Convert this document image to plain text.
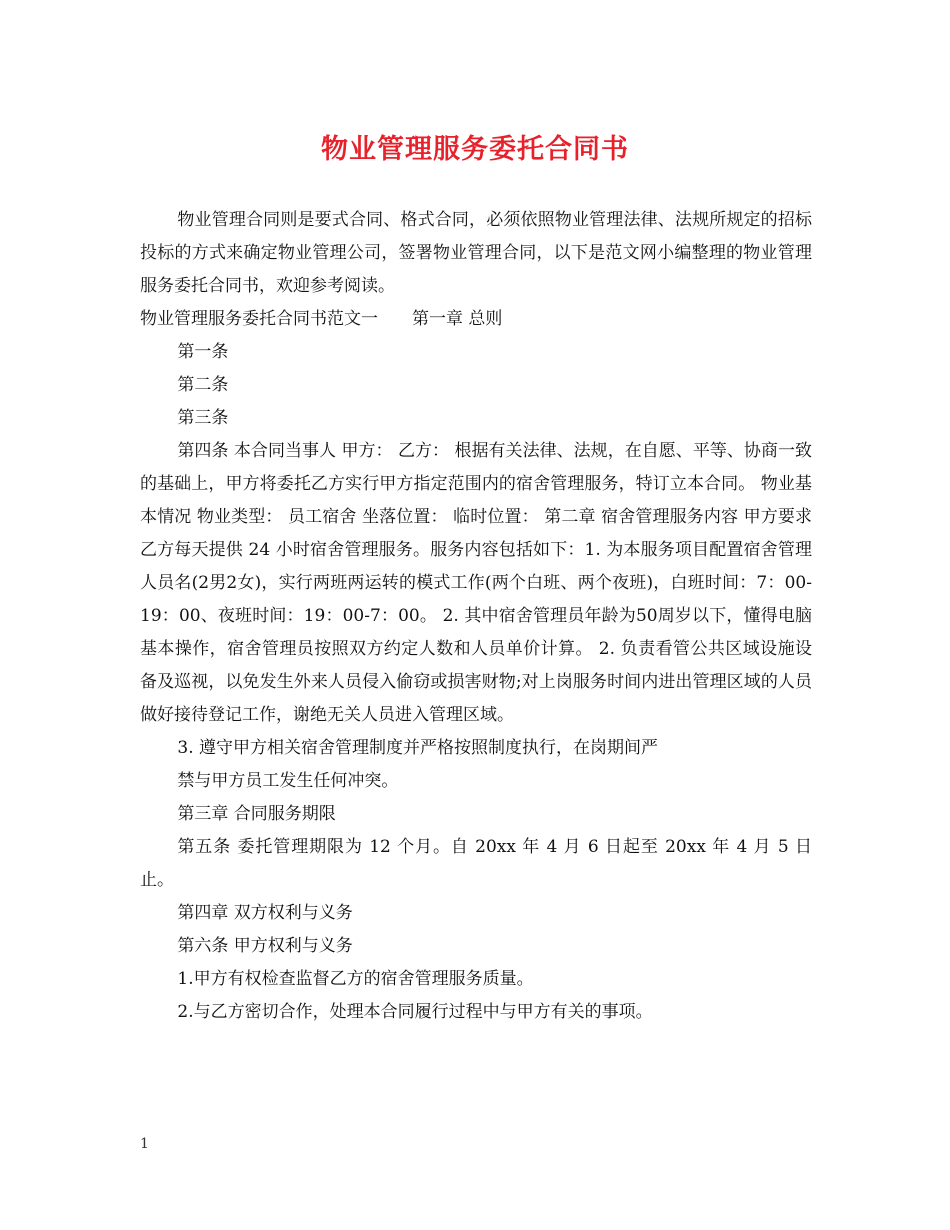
物业管理服务委托合同书

物业管理合同则是要式合同、格式合同，必须依照物业管理法律、法规所规定的招标投标的方式来确定物业管理公司，签署物业管理合同，以下是范文网小编整理的物业管理服务委托合同书，欢迎参考阅读。

物业管理服务委托合同书范文一　　第一章 总则

第一条

第二条

第三条

第四条 本合同当事人 甲方： 乙方： 根据有关法律、法规，在自愿、平等、协商一致的基础上，甲方将委托乙方实行甲方指定范围内的宿舍管理服务，特订立本合同。 物业基本情况 物业类型： 员工宿舍 坐落位置： 临时位置： 第二章 宿舍管理服务内容 甲方要求乙方每天提供 24 小时宿舍管理服务。服务内容包括如下：1. 为本服务项目配置宿舍管理人员名(2男2女)，实行两班两运转的模式工作(两个白班、两个夜班)，白班时间：7：00-19：00、夜班时间：19：00-7：00。 2. 其中宿舍管理员年龄为50周岁以下，懂得电脑基本操作，宿舍管理员按照双方约定人数和人员单价计算。 2. 负责看管公共区域设施设备及巡视，以免发生外来人员侵入偷窃或损害财物;对上岗服务时间内进出管理区域的人员做好接待登记工作，谢绝无关人员进入管理区域。

3. 遵守甲方相关宿舍管理制度并严格按照制度执行，在岗期间严

禁与甲方员工发生任何冲突。

第三章 合同服务期限

第五条 委托管理期限为 12 个月。自 20xx 年 4 月 6 日起至 20xx 年 4 月 5 日止。

第四章 双方权利与义务

第六条 甲方权利与义务

1.甲方有权检查监督乙方的宿舍管理服务质量。

2.与乙方密切合作，处理本合同履行过程中与甲方有关的事项。

1
